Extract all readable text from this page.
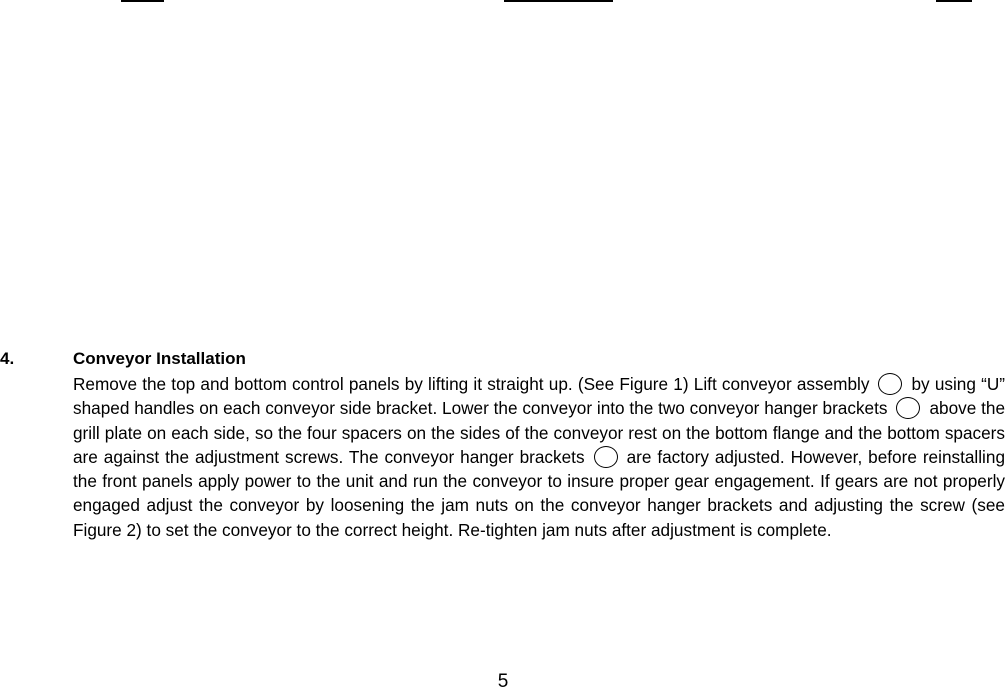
4.	Conveyor Installation

Remove the top and bottom control panels by lifting it straight up. (See Figure 1) Lift conveyor assembly by using “U” shaped handles on each conveyor side bracket. Lower the conveyor into the two conveyor hanger brackets above the grill plate on each side, so the four spacers on the sides of the conveyor rest on the bottom flange and the bottom spacers are against the adjustment screws. The conveyor hanger brackets are factory adjusted. However, before reinstalling the front panels apply power to the unit and run the conveyor to insure proper gear engagement. If gears are not properly engaged adjust the conveyor by loosening the jam nuts on the conveyor hanger brackets and adjusting the screw (see Figure 2) to set the conveyor to the correct height. Re-tighten jam nuts after adjustment is complete.

5
